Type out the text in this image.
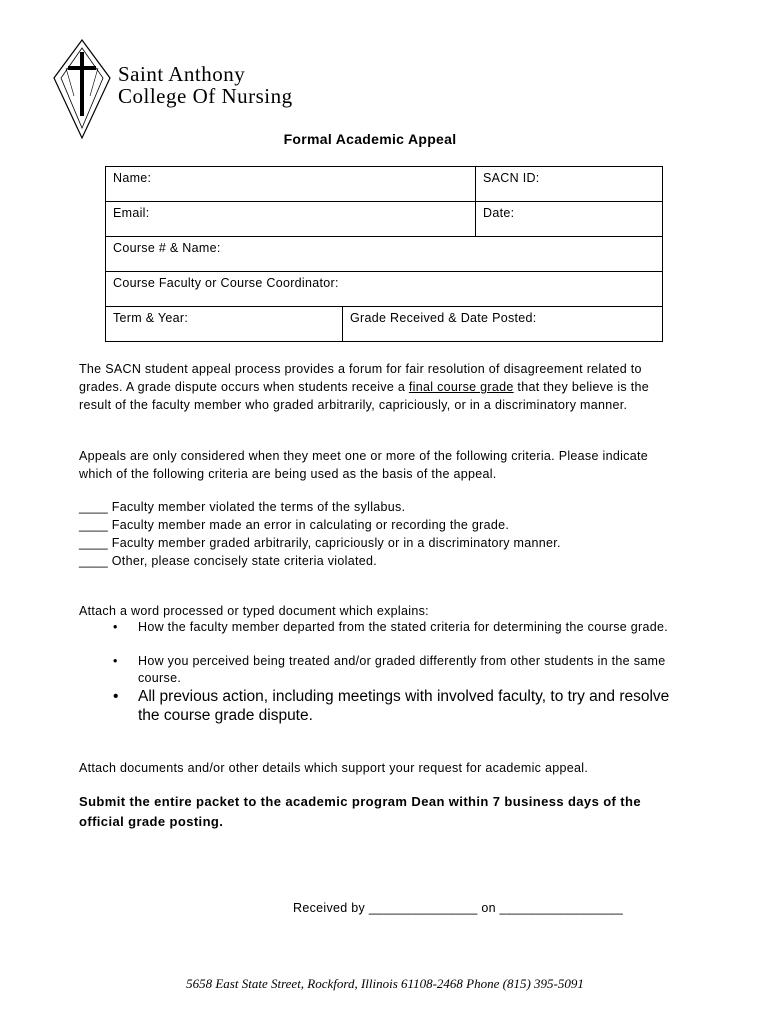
Saint Anthony
College Of Nursing
Formal Academic Appeal
Name:		SACN ID:
Email:		Date:
Course # & Name:		
Course Faculty or Course Coordinator:		
Term & Year:	Grade Received & Date Posted:	
The SACN student appeal process provides a forum for fair resolution of disagreement related to grades. A grade dispute occurs when students receive a final course grade that they believe is the result of the faculty member who graded arbitrarily, capriciously, or in a discriminatory manner.
Appeals are only considered when they meet one or more of the following criteria. Please indicate which of the following criteria are being used as the basis of the appeal.
____ Faculty member violated the terms of the syllabus.
____ Faculty member made an error in calculating or recording the grade.
____ Faculty member graded arbitrarily, capriciously or in a discriminatory manner.
____ Other, please concisely state criteria violated.
Attach a word processed or typed document which explains:
• How the faculty member departed from the stated criteria for determining the course grade.
• How you perceived being treated and/or graded differently from other students in the same course.
• All previous action, including meetings with involved faculty, to try and resolve the course grade dispute.
Attach documents and/or other details which support your request for academic appeal.
Submit the entire packet to the academic program Dean within 7 business days of the official grade posting.
Received by _______________ on _________________
5658 East State Street, Rockford, Illinois 61108-2468 Phone (815) 395-5091
